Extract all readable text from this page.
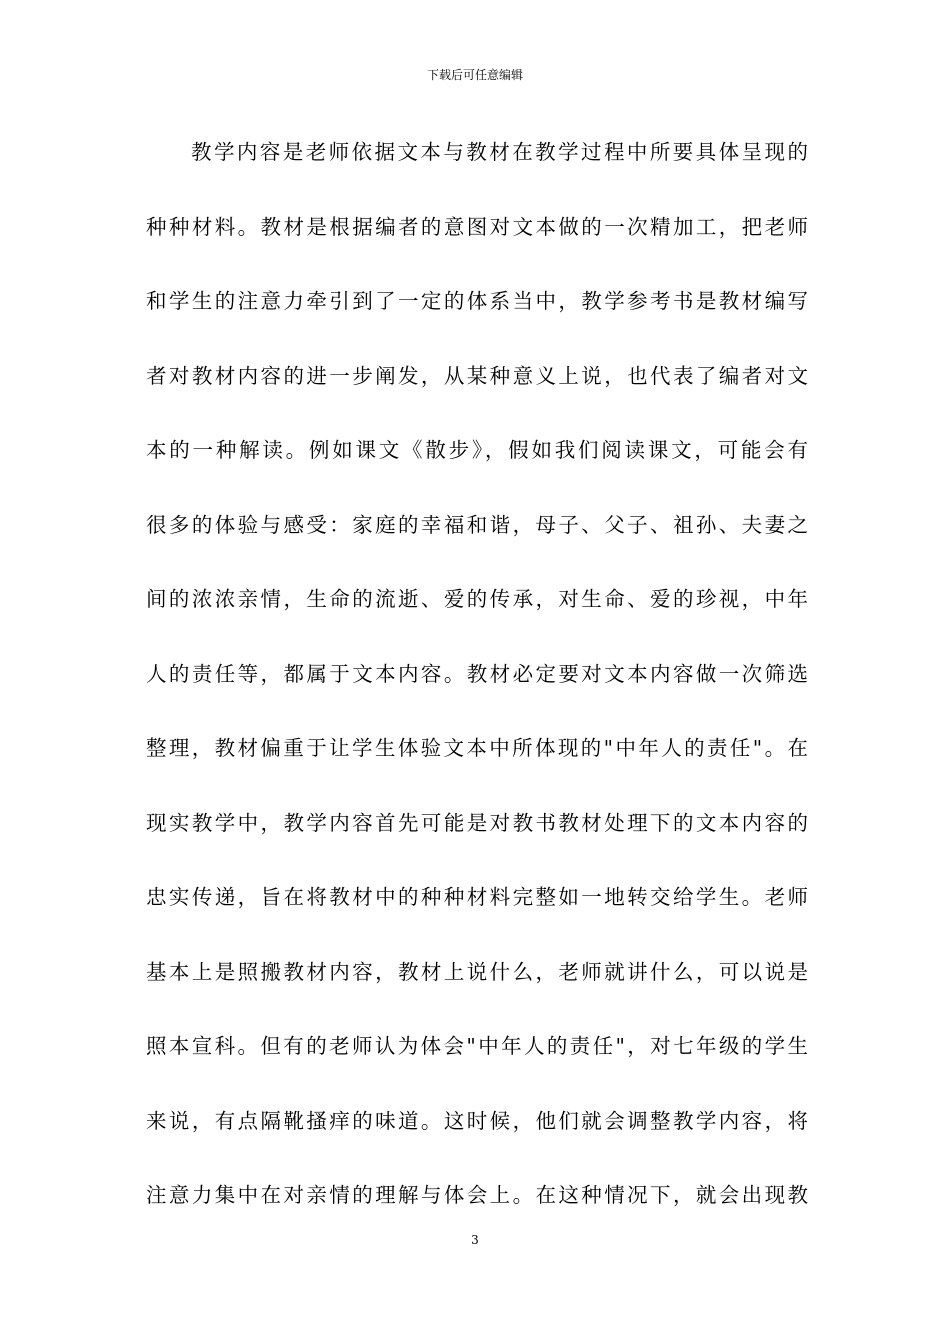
下载后可任意编辑
教学内容是老师依据文本与教材在教学过程中所要具体呈现的
种种材料。教材是根据编者的意图对文本做的一次精加工，把老师
和学生的注意力牵引到了一定的体系当中，教学参考书是教材编写
者对教材内容的进一步阐发，从某种意义上说，也代表了编者对文
本的一种解读。例如课文《散步》，假如我们阅读课文，可能会有
很多的体验与感受：家庭的幸福和谐，母子、父子、祖孙、夫妻之
间的浓浓亲情，生命的流逝、爱的传承，对生命、爱的珍视，中年
人的责任等，都属于文本内容。教材必定要对文本内容做一次筛选
整理，教材偏重于让学生体验文本中所体现的"中年人的责任"。在
现实教学中，教学内容首先可能是对教书教材处理下的文本内容的
忠实传递，旨在将教材中的种种材料完整如一地转交给学生。老师
基本上是照搬教材内容，教材上说什么，老师就讲什么，可以说是
照本宣科。但有的老师认为体会"中年人的责任"，对七年级的学生
来说，有点隔靴搔痒的味道。这时候，他们就会调整教学内容，将
注意力集中在对亲情的理解与体会上。在这种情况下，就会出现教
3
